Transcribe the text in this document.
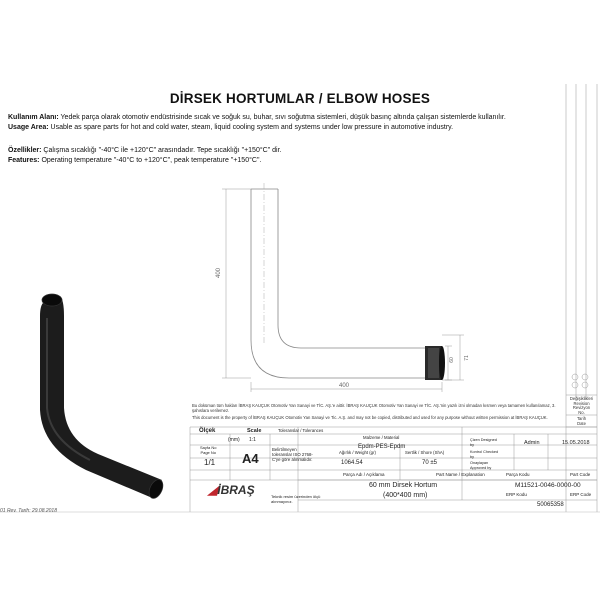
DİRSEK HORTUMLAR / ELBOW HOSES
Kullanım Alanı: Yedek parça olarak otomotiv endüstrisinde sıcak ve soğuk su, buhar, sıvı soğutma sistemleri, düşük basınç altında çalışan sistemlerde kullanılır.
Usage Area: Usable as spare parts for hot and cold water, steam, liquid cooling system and systems under low pressure in automotive industry.
Özellikler: Çalışma sıcaklığı "-40°C ile +120°C" arasındadır. Tepe sıcaklığı "+150°C" dir.
Features: Operating temperature "-40°C to +120°C", peak temperature "+150°C".
400
400
60 71
Değişiklikleri
Revision
Revizyon
No.
Tarih
Date
Bu doküman tüm hakları İBRAŞ KAUÇUK Otomotiv Yan Sanayi ve TİC. AŞ.'e aittir. İBRAŞ KAUÇUK Otomotiv Yan Sanayi ve TİC. AŞ.'nin yazılı izni olmadan kısmen veya tamamen kullanılamaz, 3. şahıslara verilemez.
This document is the property of İBRAŞ KAUÇUK Otomotiv Yan Sanayi ve Tic. A.Ş. and may not be copied, distributed and used for any purpose without written permission at İBRAŞ KAUÇUK.
Ölçek
(mm)
Scale
1:1
Sayfa No
Page No
1/1 A4
Toleranslar / Tolerances
Belirtilmeyen toleranslar ISO 2768-C'ye göre alınmalıdır.
Malzeme / Material
Epdm-PES-Epdm
Ağırlık / Weight (gr)
1064.54
Sertlik / Shore (ShA)
70 ±5
Çizen Designed by	Admin	15.05.2018
Kontrol Checked by
Onaylayan Approved by
Parça Adı / Açıklama	Part Name / Explanation
60 mm Dirsek Hortum
(400*400 mm)
Parça Kodu	Part Code
M11521-0046-0000-00
ERP Kodu	ERP Code
50065358
Teknik resim üzerinden ölçü
alınmayınız.
◢İBRAŞ
01 Rev. Tarih: 29.08.2018
